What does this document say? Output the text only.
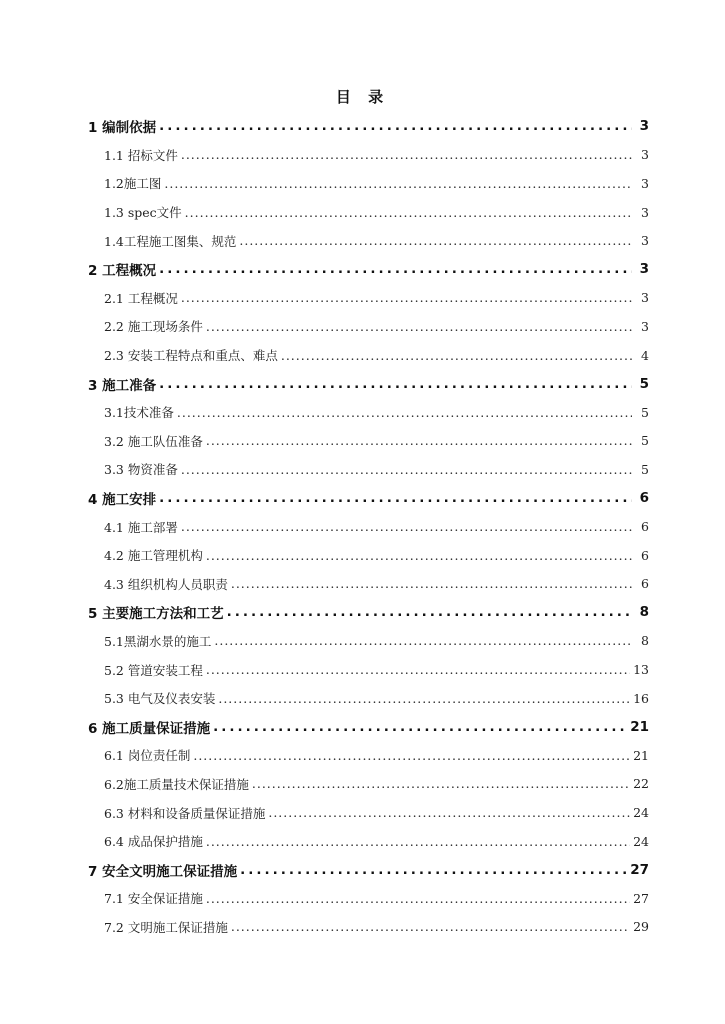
目 录
1 编制依据 .....	3
1.1 招标文件 .....	3
1.2施工图 .....	3
1.3 spec文件 .....	3
1.4工程施工图集、规范 .....	3
2 工程概况 .....	3
2.1 工程概况 .....	3
2.2 施工现场条件 .....	3
2.3 安装工程特点和重点、难点 .....	4
3 施工准备 .....	5
3.1技术准备 .....	5
3.2 施工队伍准备 .....	5
3.3 物资准备 .....	5
4 施工安排 .....	6
4.1 施工部署 .....	6
4.2 施工管理机构 .....	6
4.3 组织机构人员职责 .....	6
5 主要施工方法和工艺 .....	8
5.1黑湖水景的施工 .....	8
5.2 管道安装工程 .....	13
5.3 电气及仪表安装 .....	16
6 施工质量保证措施 .....	21
6.1 岗位责任制 .....	21
6.2施工质量技术保证措施 .....	22
6.3 材料和设备质量保证措施 .....	24
6.4 成品保护措施 .....	24
7 安全文明施工保证措施 .....	27
7.1 安全保证措施 .....	27
7.2 文明施工保证措施 .....	29
